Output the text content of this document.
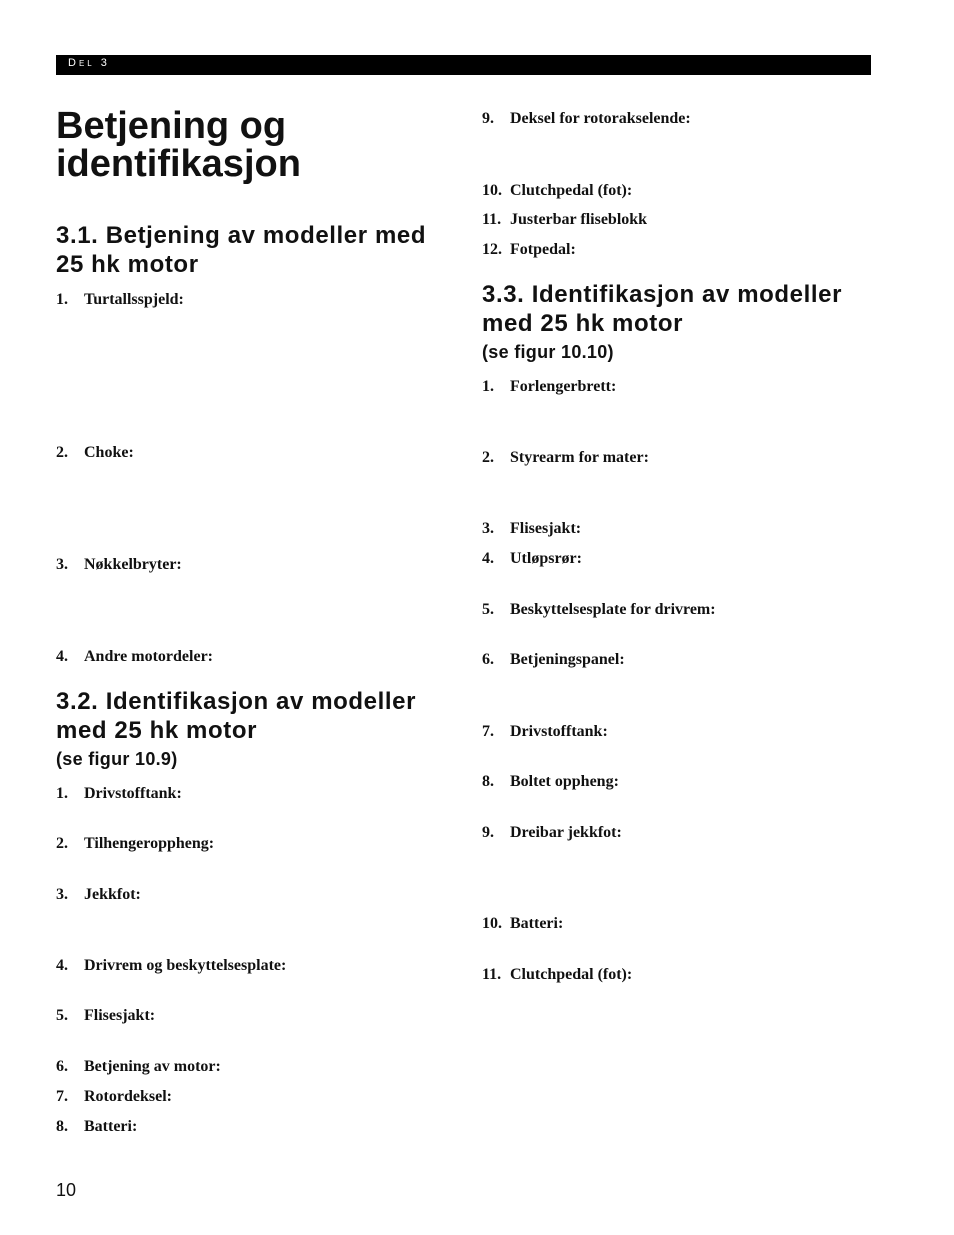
Del 3
Betjening og identifikasjon
3.1. Betjening av modeller med 25 hk motor

1. Turtallsspjeld:

2. Choke:

3. Nøkkelbryter:

4. Andre motordeler:

3.2. Identifikasjon av modeller med 25 hk motor

(se figur 10.9)

1. Drivstofftank:

2. Tilhengeroppheng:

3. Jekkfot:

4. Drivrem og beskyttelsesplate:

5. Flisesjakt:

6. Betjening av motor:

7. Rotordeksel:

8. Batteri:

9. Deksel for rotorakselende:

10. Clutchpedal (fot):

11. Justerbar fliseblokk

12. Fotpedal:

3.3. Identifikasjon av modeller med 25 hk motor

(se figur 10.10)

1. Forlengerbrett:

2. Styrearm for mater:

3. Flisesjakt:

4. Utløpsrør:

5. Beskyttelsesplate for drivrem:

6. Betjeningspanel:

7. Drivstofftank:

8. Boltet oppheng:

9. Dreibar jekkfot:

10. Batteri:

11. Clutchpedal (fot):

10
